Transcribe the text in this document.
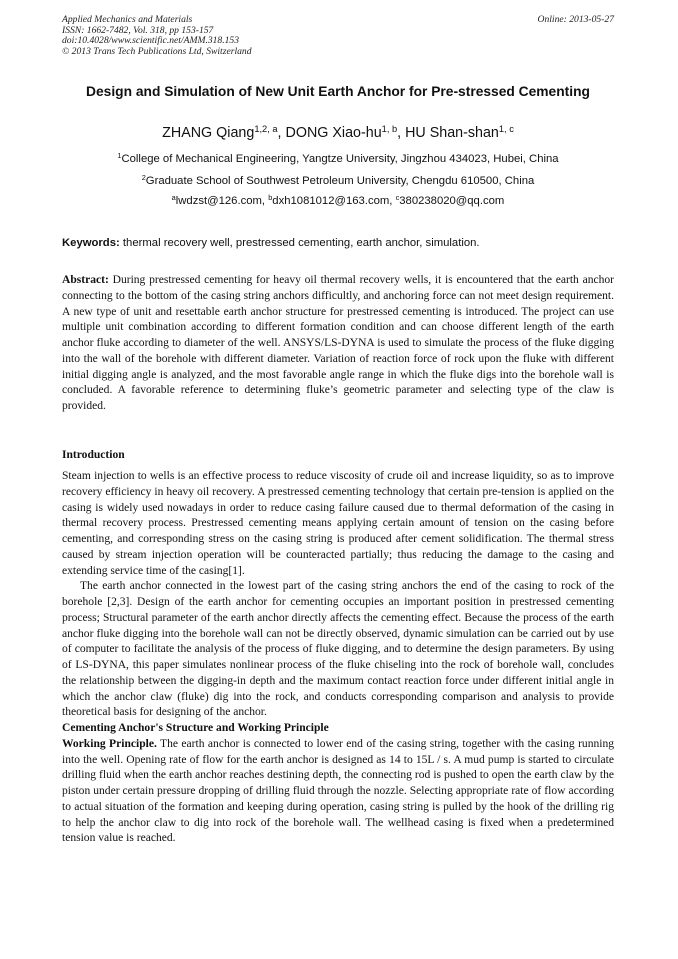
Applied Mechanics and Materials
ISSN: 1662-7482, Vol. 318, pp 153-157
doi:10.4028/www.scientific.net/AMM.318.153
© 2013 Trans Tech Publications Ltd, Switzerland
Online: 2013-05-27
Design and Simulation of New Unit Earth Anchor for Pre-stressed Cementing
ZHANG Qiang$^{1,2, a}$, DONG Xiao-hu$^{1, b}$, HU Shan-shan$^{1, c}$
$^1$College of Mechanical Engineering, Yangtze University, Jingzhou 434023, Hubei, China
$^2$Graduate School of Southwest Petroleum University, Chengdu 610500, China
$^a$lwdzst@126.com, $^b$dxh1081012@163.com, $^c$380238020@qq.com
Keywords: thermal recovery well, prestressed cementing, earth anchor, simulation.

Abstract: During prestressed cementing for heavy oil thermal recovery wells, it is encountered that the earth anchor connecting to the bottom of the casing string anchors difficultly, and anchoring force can not meet design requirement. A new type of unit and resettable earth anchor structure for prestressed cementing is introduced. The project can use multiple unit combination according to different formation condition and can choose different length of the earth anchor fluke according to diameter of the well. ANSYS/LS-DYNA is used to simulate the process of the fluke digging into the wall of the borehole with different diameter. Variation of reaction force of rock upon the fluke with different initial digging angle is analyzed, and the most favorable angle range in which the fluke digs into the borehole wall is concluded. A favorable reference to determining fluke’s geometric parameter and selecting type of the claw is provided.

Introduction

Steam injection to wells is an effective process to reduce viscosity of crude oil and increase liquidity, so as to improve recovery efficiency in heavy oil recovery. A prestressed cementing technology that certain pre-tension is applied on the casing is widely used nowadays in order to reduce casing failure caused due to thermal deformation of the casing in thermal recovery process. Prestressed cementing means applying certain amount of tension on the casing before cementing, and corresponding stress on the casing string is produced after cement solidification. The thermal stress caused by stream injection operation will be counteracted partially; thus reducing the damage to the casing and extending service time of the casing[1].

The earth anchor connected in the lowest part of the casing string anchors the end of the casing to rock of the borehole [2,3]. Design of the earth anchor for cementing occupies an important position in prestressed cementing process; Structural parameter of the earth anchor directly affects the cementing effect. Because the process of the earth anchor fluke digging into the borehole wall can not be directly observed, dynamic simulation can be carried out by use of computer to facilitate the analysis of the process of fluke digging, and to determine the design parameters. By using of LS-DYNA, this paper simulates nonlinear process of the fluke chiseling into the rock of borehole wall, concludes the relationship between the digging-in depth and the maximum contact reaction force under different initial angle in which the anchor claw (fluke) dig into the rock, and conducts corresponding comparison and analysis to provide theoretical basis for designing of the anchor.

Cementing Anchor's Structure and Working Principle

Working Principle. The earth anchor is connected to lower end of the casing string, together with the casing running into the well. Opening rate of flow for the earth anchor is designed as 14 to 15L / s. A mud pump is started to circulate drilling fluid when the earth anchor reaches destining depth, the connecting rod is pushed to open the earth claw by the piston under certain pressure dropping of drilling fluid through the nozzle. Selecting appropriate rate of flow according to actual situation of the formation and keeping during operation, casing string is pulled by the hook of the drilling rig to help the anchor claw to dig into rock of the borehole wall. The wellhead casing is fixed when a predetermined tension value is reached.
